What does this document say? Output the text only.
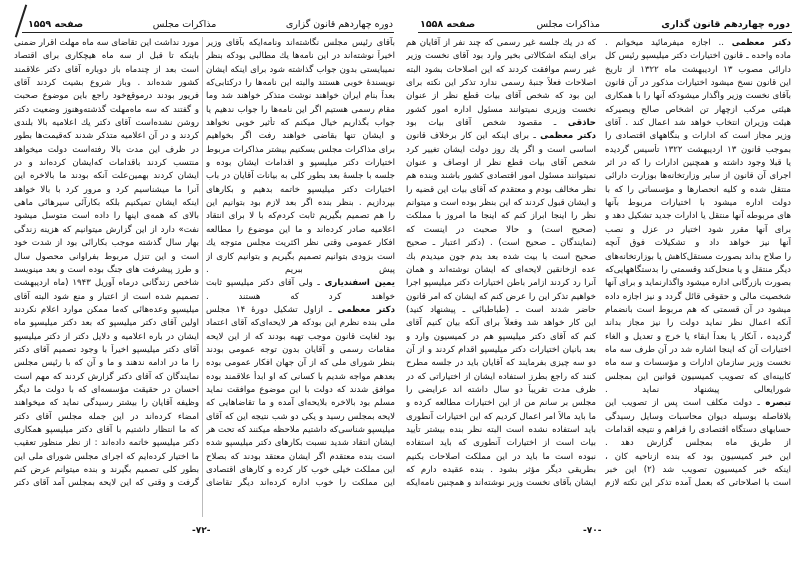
دوره چهاردهم قانون گزاری
مذاکرات مجلس
صفحه ۱۵۵۹
بآقای رئیس مجلس نگاشته‌اند ونامه‌ایکه بآقای وزیر
اخیراً نوشته‌اند در این نامه‌ها یك مطالبی بودکه بنظر
نمیبایستی بدون جواب گذاشته شود برای اینکه ایشان
نویسندهٔ خوبی هستند والبته این نامه‌ها را درکتابی‌که
بعداً بنام ایران خواهند نوشت متذکر خواهند شد وما
مقام رسمی هستیم اگر این نامه‌ها را جواب ندهیم یا
جواب بگذاریم خیال میکنم که تأثیر خوبی نخواهد
و ایشان تنها بقاضی خواهند رفت اگر بخواهیم
برای مذاکرات مجلس بسکنیم بیشتر مذاکرات مربوط
اختیارات دکتر میلیسپو و اقدامات ایشان بوده و
جلسه با جلسهٔ بعد بطور کلی به بیانات آقایان در باب
اختیارات دکتر میلیسپو خاتمه بدهیم و بکارهای
بپردازیم . بنظر بنده اگر بعد لازم بود بتوانیم این
را هم تصمیم بگیریم ثابت کردم‌که با لا برای انتقاد
اعلامیه صادر کرده‌اند و ما این موضوع را مطالعه
افکار عمومی وقتی نظر اکثریت مجلس متوجه یك
است بزودی بتوانیم تصمیم بگیریم و بتوانیم کاری از
پیش ببریم .
یمین اسفندیاری ـ ولی آقای دکتر میلیسپو ثابت
خواهند کرد که هستند .
دکتر معظمی ـ ازاول تشکیل دورهٔ ۱۴ مجلس
ملی بنده نظرم این بودکه هر لایحه‌ای‌که آقای اعتماد
بود لغایت قانون موجب تهیه بودند که از این لایحه
مقامات رسمی و آقایان بدون توجه عمومی بودند
بنظر شورای ملی که از آن جهان افکار عمومی بوده
بعدهم مواجه شدیم با کسانی که او ابدأ علاقمند بوده
موافق شدند که دولت با این موضوع موافقت نماید
مسلم بود بالاخره بلایحه‌ای آمده و ما تقاضاهایی که
لایحه بمجلس رسید و یکی دو شب نتیجه این که آقای
میلیسپو شناسی‌که داشتیم ملاحظه میکنند که تحت هر
ایشان انتقاد شدید نسبت بکارهای دکتر میلیسپو شده
است بنده معتقدم اگر ایشان معتقد بودند که بصلاح
این مملکت خیلی خوب کار کرده و کارهای اقتصادی
این مملکت را خوب اداره کرده‌اند دیگر تقاضای
مورد نداشت این تقاضای سه ماه مهلت اقرار ضمنی
باینکه تا قبل از سه ماه هیچکاری برای اقتصاد
است بعد از چندماه باز دوباره آقای دکتر علاقمند
کشور شده‌اند . وباز شروع بشیت کردند آقای
فریور بودند درموقع‌خود راجع باین موضوع صحبت
و گفتند که سه ماه‌مهلت گذشته‌وهنوز وضعیت دکتر
روشن نشده‌است آقای دکتر یك اعلامیه بالا بلندی
کردند و در آن اعلامیه متذکر شدند که‌قیمت‌ها بطور
در ظرف این مدت بالا رفته‌است دولت میخواهد
منتسب کردند باقدامات که‌ایشان کرده‌اند و در
ایشان کردند بهمین‌علت آنکه بودند ما بالاخره این
آنرا ما میشناسیم کرد و مرور کرد با بالا خواهد
اینکه ایشان تمیکنیم بلکه بکارآئی سیرهائی ماهی
بالای که همه‌ی اینها را داده است متوسل میشود
نفت» دارد از این گزارش میتوانیم که هزینه زندگی
بهار سال گذشته موجب بکارائی بود از شدت خود
است و این تنزل مربوط بفراوانی محصول سال
و طرز پیشرفت های جنگ بوده است و بعد مینویسد
شاخص زندگانی درماه آوریل ۱۹۴۳ (ماه اردیبهشت
تصمیم شده است از اعتبار و منع شود البته آقای
میلیسپو وعده‌هائی که‌ما ممکن موارد اعلام نکردند
اولین آقای دکتر میلیسپو که بعد دکتر میلیسپو ماه
ایشان در باره اعلامیه و دلایل دکتر از دکتر میلیسپو
آقای دکتر میلیسپو اخیراً با وجود تصمیم آقای دکتر
را ما در ادامه ندهند و ما و آن که با رئیس مجلس
نمایندگان که آقای دکتر گزارش کردند که مهم است
احسان در حقیقت مؤسسه‌ای که با دولت ما دیگر
وظیفه آقایان را بیشتر رسیدگی نماید که میخواهند
امضاء کرده‌اند در این جمله مجلس آقای دکتر
که ما انتظار داشتیم با آقای دکتر میلیسپو همکاری
دکتر میلیسپو خاتمه داده‌اند : از نظر منظور تعقیب
ما اختیار کرده‌ایم که اجرای مجلس شورای ملی این
بطور کلی تصمیم بگیرند و بنده میتوانم عرض کنم
گرفت و وقتی که این لایحه بمجلس آمد آقای دکتر
-۷۲-
دوره چهاردهم قانون گذاری
مذاکرات مجلس
صفحه ۱۵۵۸
دکتر معظمی .. اجازه میفرمائید میخوانم .
ماده واحده ـ قانون اختیارات دکتر میلیسپو رئیس کل
دارائی مصوب ۱۳ اردیبهشت ماه ۱۳۲۲ از تاریخ
این قانون نسخ میشود اختیارات مذکور در آن قانون
بآقای نخست وزیر واگذار میشودکه آنها را با همکاری
هیئتی مرکب ازچهار تن اشخاص صالح وبصیرکه
هیئت وزیران انتخاب خواهد شد اعمال کند . آقای
وزیر مجاز است که ادارات و بنگاههای اقتصادی را
بموجب قانون ۱۳ اردیبهشت ۱۳۲۲ تأسیس گردیده
یا قبلا وجود داشته و همچنین ادارات را که در اثر
اجرای آن قانون از سایر وزارتخانه‌ها بوزارت دارائی
منتقل شده و کلیه انحصارها و مؤسساتی را که با
دولت اداره میشود با اختیارات مربوط بآنها
های مربوطه آنها منتقل یا ادارات جدید تشکیل دهد و
برای آنها مقرر شود اختیار در عزل و نصب
آنها نیز خواهد داد و تشکیلات فوق آنچه
را صلاح بداند بصورت مستقل‌کاهش یا بوزارتخانه‌های
دیگر منتقل و یا منحل‌کند وقسمتی را بدستگاههایی‌که
بصورت بازرگانی اداره میشود واگذارنماید و برای آنها
شخصیت مالی و حقوقی قائل گردد و نیز اجازه داده
میشود در آن قسمتی که هم مربوط است بانضمام
آنکه اعمال نظر نماید دولت را نیز مجاز بداند
گردیده ، آنکار یا بعداً ابقاء یا خرج و تعدیل و الغاء
اختیارات آن که اینجا اشاره شد در آن طرف سه ماه
نخست وزیر سازمان ادارات و مؤسسات و سه ماه
کابینه‌ای که تصویب کمیسیون قوانین این بمجلس
شورایعالی پیشنهاد نماید .
تبصره ـ دولت مکلف است پس از تصویب این
بلافاصله بوسیله دیوان محاسبات وسایل رسیدگی
حسابهای دستگاه اقتصادی را فراهم و نتیجه اقدامات
از طریق ماه بمجلس گزارش دهد .
این خبر کمیسیون بود که بنده ازناحیه کان ،
اینکه خبر کمیسیون تصویب شد (۲) این خبر
است با اصلاحاتی که بعمل آمده تذکر این نکته لازم
که در یك جلسه غیر رسمی که چند نفر از آقایان هم
برای اینکه اشکالاتی بخیر وارد بود آقای نخست وزیر
غیر رسم موافقت کردند که این اصلاحات بشود البته
اصلاحات فعلاً جنبهٔ رسمی ندارد تذکر این نکته برای
این بود که شخص آقای بیات قطع نظر از عنوان
نخست وزیری نمیتوانند مسئول اداره امور کشور
حاذقی ـ مقصود شخص آقای بیات بود
دکتر معظمی ـ برای اینکه این کار برخلاف قانون
اساسی است و اگر یك روز دولت ایشان تغییر کرد
شخص آقای بیات قطع نظر از اوصاف و عنوان
نمیتوانند مسئول امور اقتصادی کشور باشند وبنده هم
نظر مخالف بودم و معتقدم که آقای بیات این قضیه را
و ایشان قبول کردند که این بنظر بوده است و میتوانم
نظر را اینجا ابراز کنم که اینجا ما امروز با مملکت
(صحیح است) و حالا صحبت در اینست که
(نمایندگان ـ صحیح است) . (دکتر اعتبار ـ صحیح
صحیح است با بیت شده بعد بدم جون میدیدم بك
عده ازخانقین لایحه‌ای که ایشان نوشته‌اند و همان
آنرا رد کردند ازامر باطن اختیارات دکتر میلیسپو اجرا
خواهیم تذکر این را عرض کنم که ایشان که امر قانون
حاضر شدند است ـ (طباطبائی ـ پیشنهاد کنید)
این کار خواهد شد وفعلاً برای آنکه بیان کنیم آقای
کنم که آقای دکتر میلیسپو هم در کمیسیون وارد و
بعد بانیان اختیارات دکتر میلیسپو اقدام کردند و از آن
دو سه چیزی بفرمایند که آقایان باید در جلسه مطرح
کنند که راجع بطرز استفاده ایشان از اختیاراتی که در
ظرف مدت تقریباً دو سال داشته اند عرایضی را
مجلس بر سانم من از این اختیارات مطالعه کرده و
ما باید مالاً امر اعمال کردیم که این اختیارات آنطوری
باید استفاده نشده است البته نظر بنده بیشتر تأیید
بیات است از اختیارات آنطوری که باید استفاده
نبوده است ما باید در این مملکت اصلاحات بکنیم
بطریقی دیگر مؤثر بشود . بنده عقیده دارم که
ایشان بآقای نخست وزیر نوشته‌اند و همچنین نامه‌ایکه
-۷۰-
